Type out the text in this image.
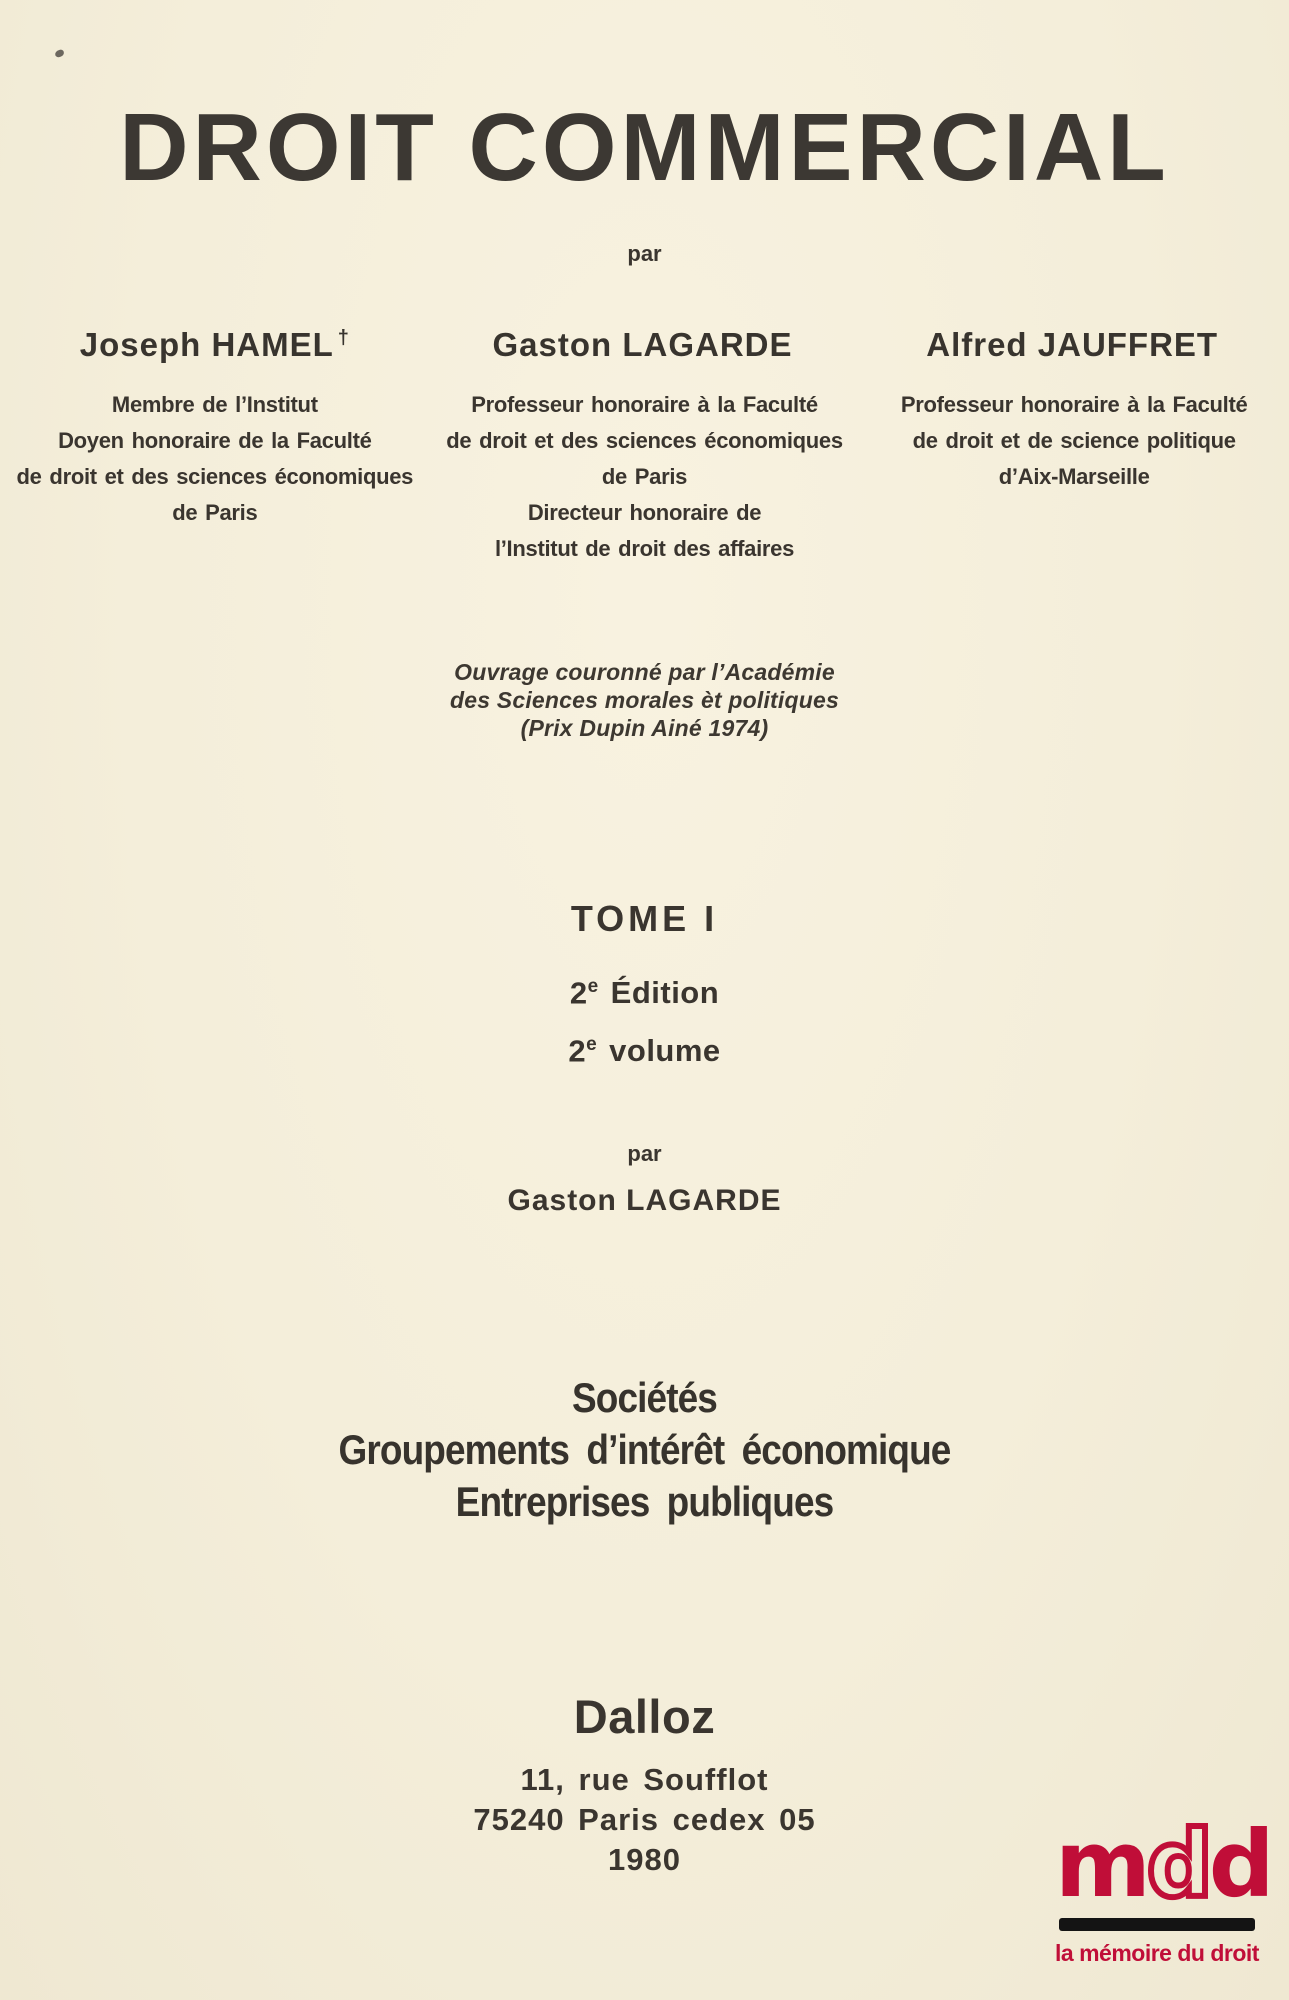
DROIT COMMERCIAL
par
Joseph HAMEL †
Membre de l’Institut
Doyen honoraire de la Faculté
de droit et des sciences économiques
de Paris
Gaston LAGARDE
Professeur honoraire à la Faculté
de droit et des sciences économiques
de Paris
Directeur honoraire de
l’Institut de droit des affaires
Alfred JAUFFRET
Professeur honoraire à la Faculté
de droit et de science politique
d’Aix-Marseille
Ouvrage couronné par l’Académie
des Sciences morales èt politiques
(Prix Dupin Ainé 1974)
TOME I
2e Édition
2e volume
par
Gaston LAGARDE
Sociétés
Groupements d’intérêt économique
Entreprises publiques
Dalloz
11, rue Soufflot
75240 Paris cedex 05
1980	mdd
la mémoire du droit
